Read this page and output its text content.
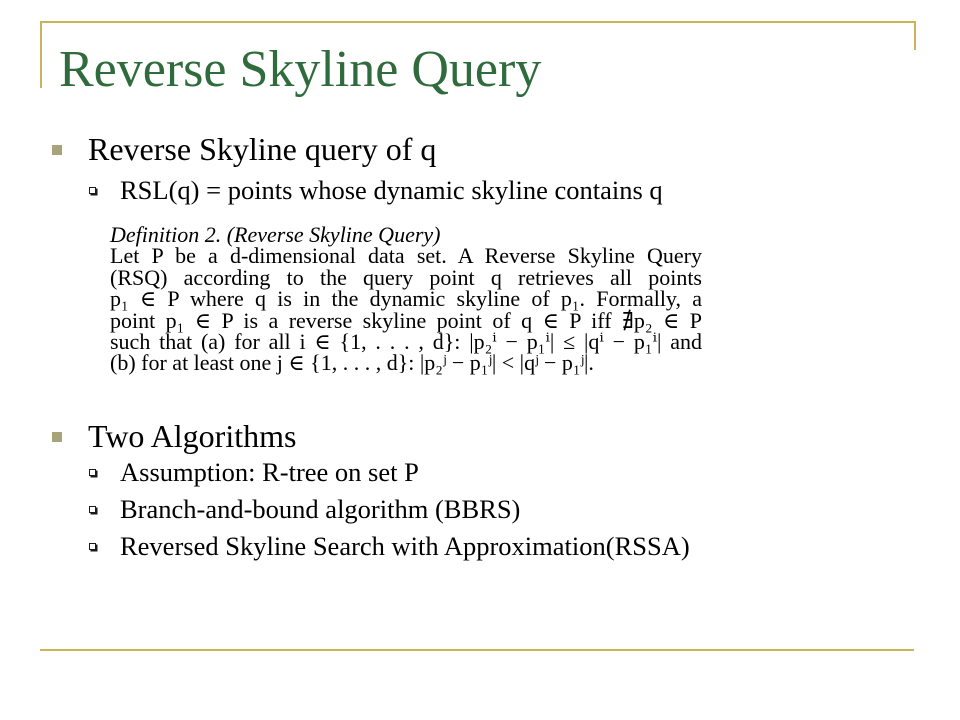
Reverse Skyline Query
Reverse Skyline query of q
RSL(q) = points whose dynamic skyline contains q
Definition 2. (Reverse Skyline Query)
Let P be a d-dimensional data set. A Reverse Skyline Query
(RSQ) according to the query point q retrieves all points
p₁ ∈ P where q is in the dynamic skyline of p₁. Formally, a
point p₁ ∈ P is a reverse skyline point of q ∈ P iff ∄p₂ ∈ P
such that (a) for all i ∈ {1, . . . , d}: |p₂ⁱ − p₁ⁱ| ≤ |qⁱ − p₁ⁱ| and
(b) for at least one j ∈ {1, . . . , d}: |p₂ʲ − p₁ʲ| < |qʲ − p₁ʲ|.
Two Algorithms
Assumption: R-tree on set P
Branch-and-bound algorithm (BBRS)
Reversed Skyline Search with Approximation(RSSA)
